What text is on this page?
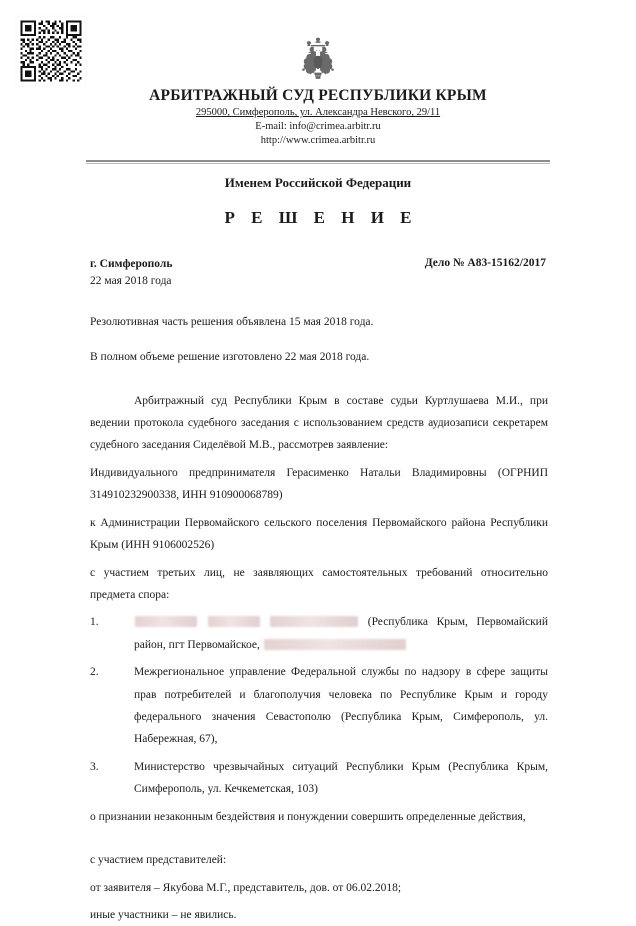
АРБИТРАЖНЫЙ СУД РЕСПУБЛИКИ КРЫМ

295000, Симферополь, ул. Александра Невского, 29/11

E-mail: info@crimea.arbitr.ru

http://www.crimea.arbitr.ru

Именем Российской Федерации

Р Е Ш Е Н И Е

г. Симферополь
22 мая 2018 года
Дело № А83-15162/2017

Резолютивная часть решения объявлена 15 мая 2018 года.

В полном объеме решение изготовлено 22 мая 2018 года.

Арбитражный суд Республики Крым в составе судьи Куртлушаева М.И., при ведении протокола судебного заседания с использованием средств аудиозаписи секретарем судебного заседания Сиделёвой М.В., рассмотрев заявление:

Индивидуального предпринимателя Герасименко Натальи Владимировны (ОГРНИП 314910232900338, ИНН 910900068789)

к Администрации Первомайского сельского поселения Первомайского района Республики Крым (ИНН 9106002526)

с участием третьих лиц, не заявляющих самостоятельных требований относительно предмета спора:

1.	(Республика Крым, Первомайский район, пгт Первомайское,
2.	Межрегиональное управление Федеральной службы по надзору в сфере защиты прав потребителей и благополучия человека по Республике Крым и городу федерального значения Севастополю (Республика Крым, Симферополь, ул. Набережная, 67),
3.	Министерство чрезвычайных ситуаций Республики Крым (Республика Крым, Симферополь, ул. Кечкеметская, 103)

о признании незаконным бездействия и понуждении совершить определенные действия,

с участием представителей:

от заявителя – Якубова М.Г., представитель, дов. от 06.02.2018;

иные участники – не явились.
